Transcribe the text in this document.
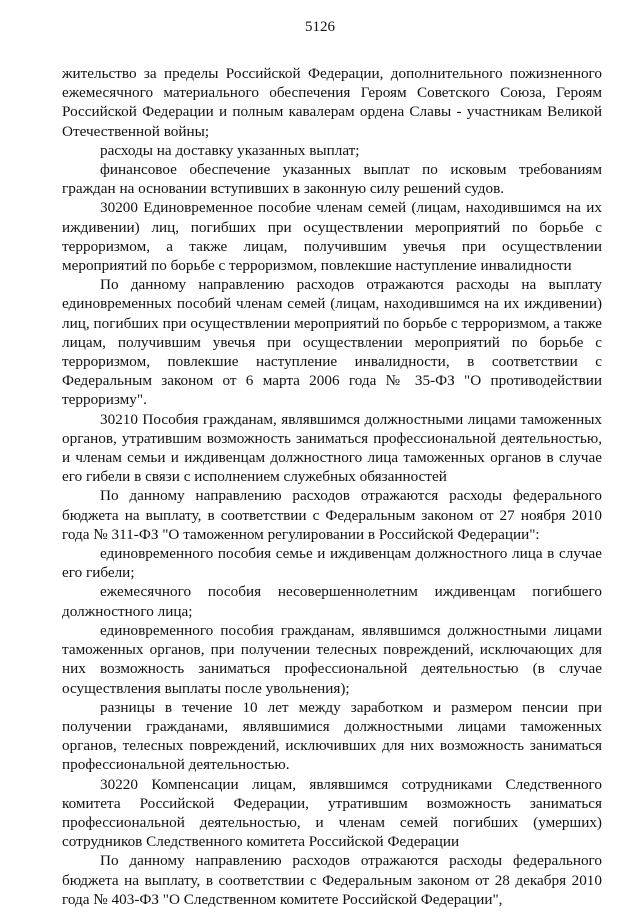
5126

жительство за пределы Российской Федерации, дополнительного пожизненного ежемесячного материального обеспечения Героям Советского Союза, Героям Российской Федерации и полным кавалерам ордена Славы - участникам Великой Отечественной войны;

расходы на доставку указанных выплат;

финансовое обеспечение указанных выплат по исковым требованиям граждан на основании вступивших в законную силу решений судов.

30200 Единовременное пособие членам семей (лицам, находившимся на их иждивении) лиц, погибших при осуществлении мероприятий по борьбе с терроризмом, а также лицам, получившим увечья при осуществлении мероприятий по борьбе с терроризмом, повлекшие наступление инвалидности

По данному направлению расходов отражаются расходы на выплату единовременных пособий членам семей (лицам, находившимся на их иждивении) лиц, погибших при осуществлении мероприятий по борьбе с терроризмом, а также лицам, получившим увечья при осуществлении мероприятий по борьбе с терроризмом, повлекшие наступление инвалидности, в соответствии с Федеральным законом от 6 марта 2006 года № 35-ФЗ "О противодействии терроризму".

30210 Пособия гражданам, являвшимся должностными лицами таможенных органов, утратившим возможность заниматься профессиональной деятельностью, и членам семьи и иждивенцам должностного лица таможенных органов в случае его гибели в связи с исполнением служебных обязанностей

По данному направлению расходов отражаются расходы федерального бюджета на выплату, в соответствии с Федеральным законом от 27 ноября 2010 года № 311-ФЗ "О таможенном регулировании в Российской Федерации":

единовременного пособия семье и иждивенцам должностного лица в случае его гибели;

ежемесячного пособия несовершеннолетним иждивенцам погибшего должностного лица;

единовременного пособия гражданам, являвшимся должностными лицами таможенных органов, при получении телесных повреждений, исключающих для них возможность заниматься профессиональной деятельностью (в случае осуществления выплаты после увольнения);

разницы в течение 10 лет между заработком и размером пенсии при получении гражданами, являвшимися должностными лицами таможенных органов, телесных повреждений, исключивших для них возможность заниматься профессиональной деятельностью.

30220 Компенсации лицам, являвшимся сотрудниками Следственного комитета Российской Федерации, утратившим возможность заниматься профессиональной деятельностью, и членам семей погибших (умерших) сотрудников Следственного комитета Российской Федерации

По данному направлению расходов отражаются расходы федерального бюджета на выплату, в соответствии с Федеральным законом от 28 декабря 2010 года № 403-ФЗ "О Следственном комитете Российской Федерации",
